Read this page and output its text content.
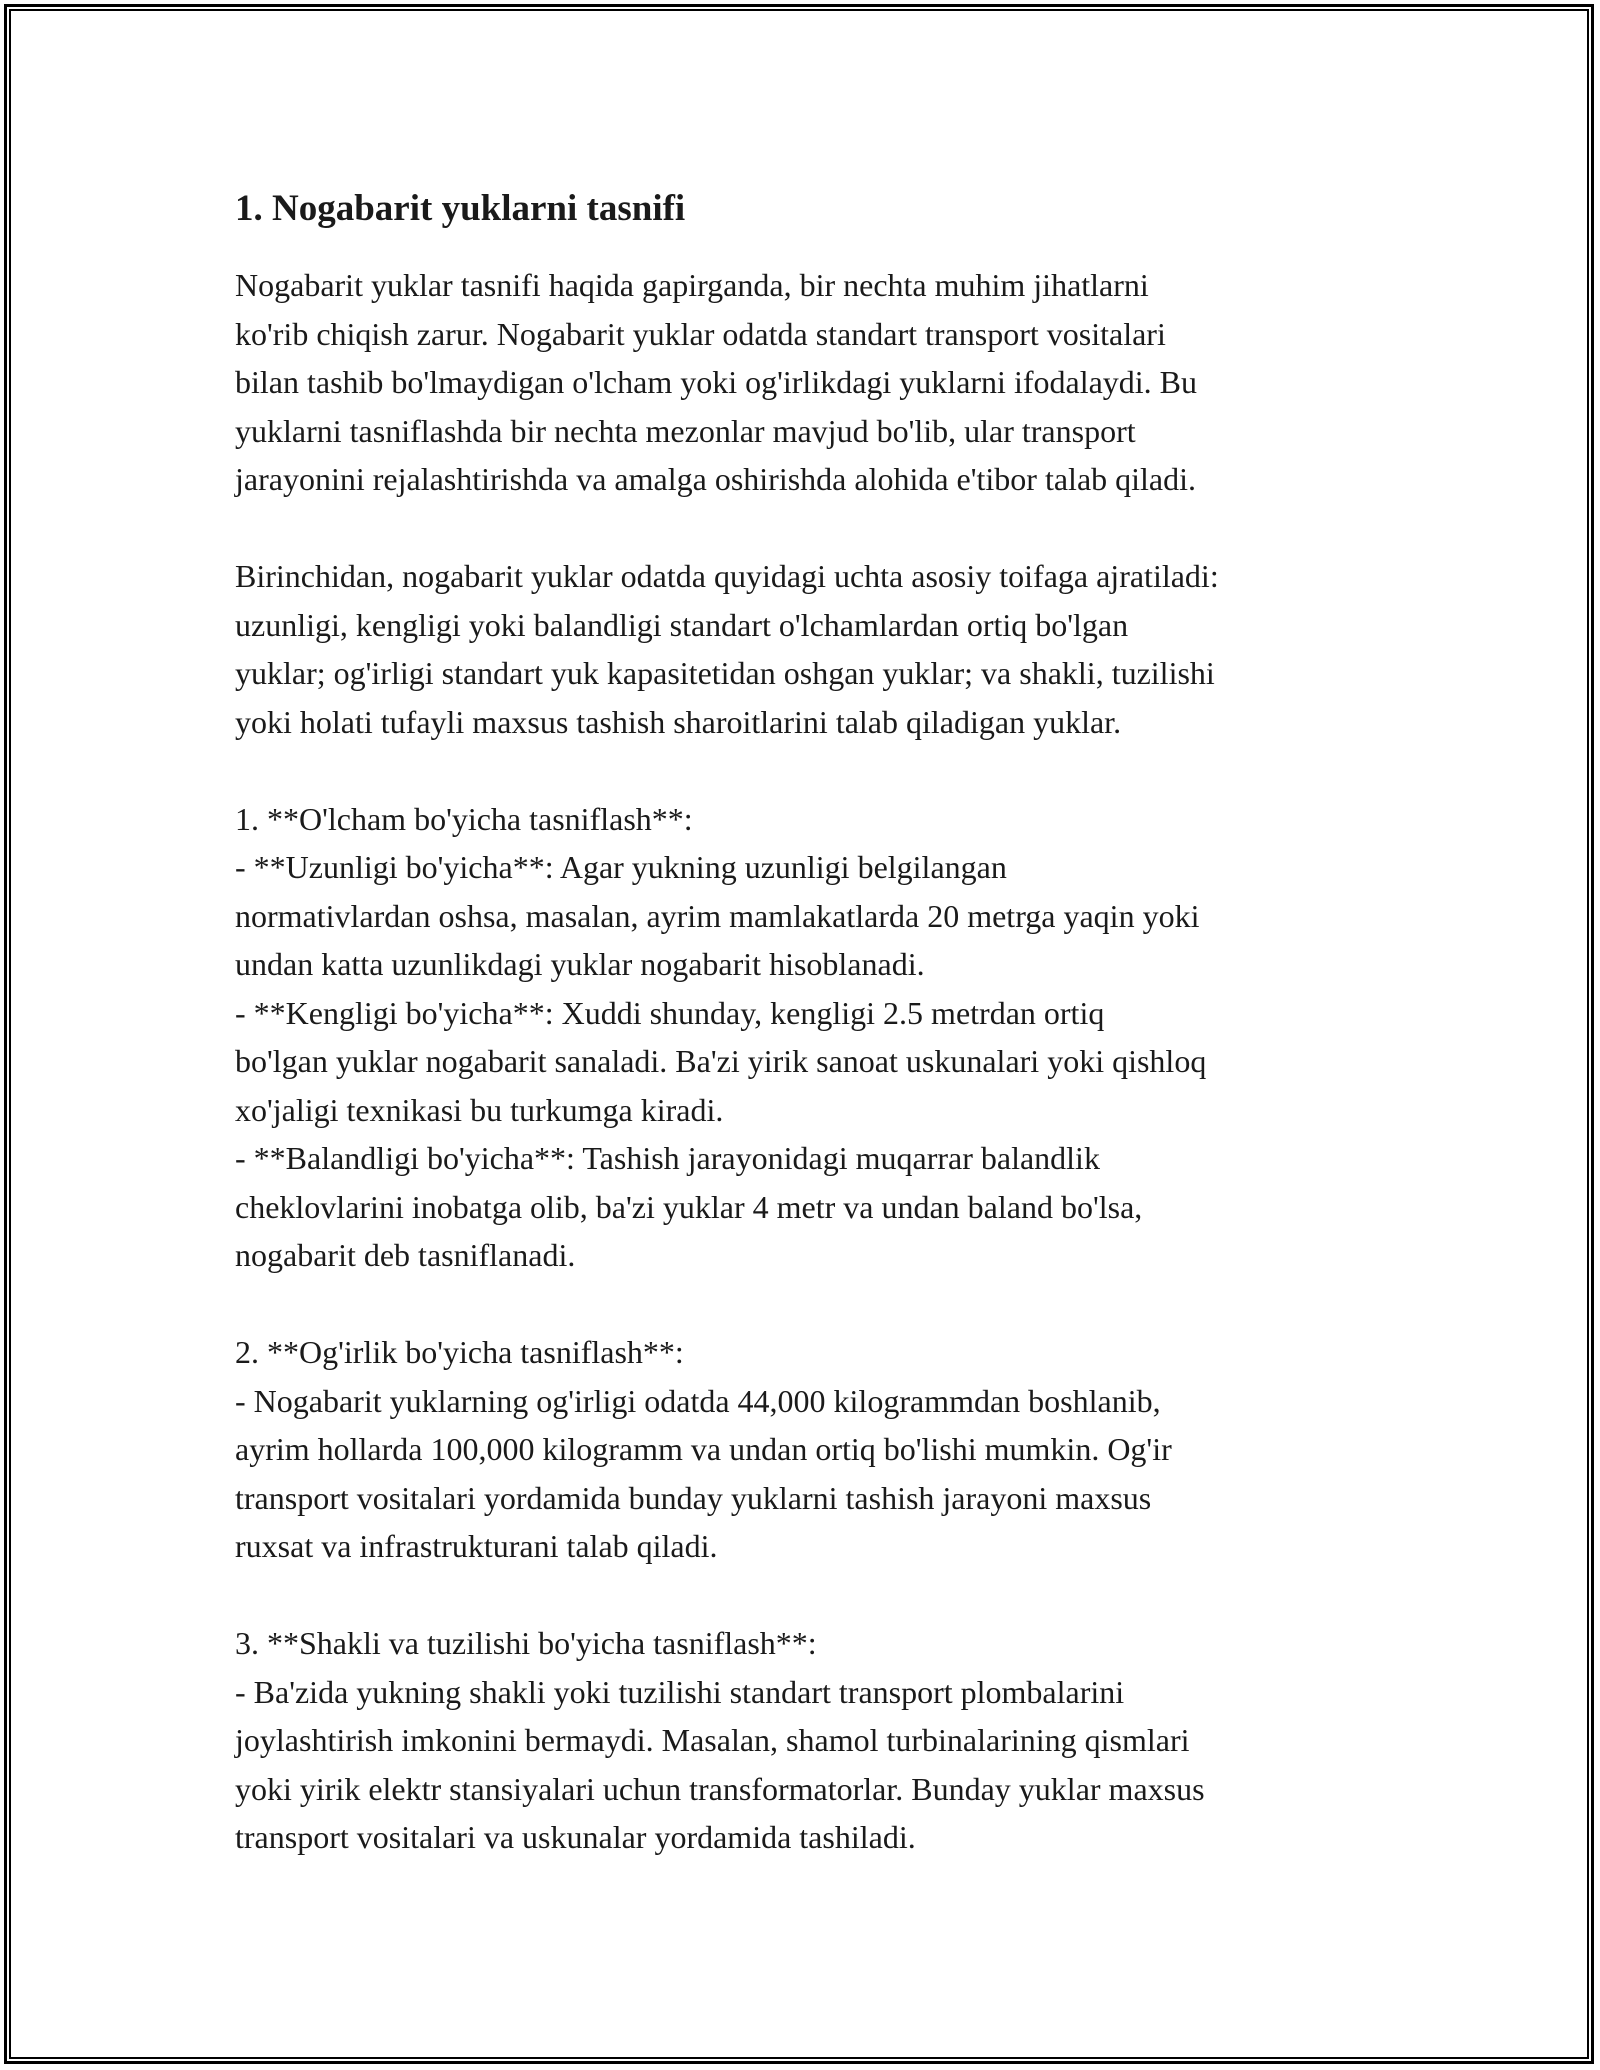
1. Nogabarit yuklarni tasnifi

Nogabarit yuklar tasnifi haqida gapirganda, bir nechta muhim jihatlarni
ko'rib chiqish zarur. Nogabarit yuklar odatda standart transport vositalari
bilan tashib bo'lmaydigan o'lcham yoki og'irlikdagi yuklarni ifodalaydi. Bu
yuklarni tasniflashda bir nechta mezonlar mavjud bo'lib, ular transport
jarayonini rejalashtirishda va amalga oshirishda alohida e'tibor talab qiladi.

Birinchidan, nogabarit yuklar odatda quyidagi uchta asosiy toifaga ajratiladi:
uzunligi, kengligi yoki balandligi standart o'lchamlardan ortiq bo'lgan
yuklar; og'irligi standart yuk kapasitetidan oshgan yuklar; va shakli, tuzilishi
yoki holati tufayli maxsus tashish sharoitlarini talab qiladigan yuklar.

1. **O'lcham bo'yicha tasniflash**:
- **Uzunligi bo'yicha**: Agar yukning uzunligi belgilangan
normativlardan oshsa, masalan, ayrim mamlakatlarda 20 metrga yaqin yoki
undan katta uzunlikdagi yuklar nogabarit hisoblanadi.
- **Kengligi bo'yicha**: Xuddi shunday, kengligi 2.5 metrdan ortiq
bo'lgan yuklar nogabarit sanaladi. Ba'zi yirik sanoat uskunalari yoki qishloq
xo'jaligi texnikasi bu turkumga kiradi.
- **Balandligi bo'yicha**: Tashish jarayonidagi muqarrar balandlik
cheklovlarini inobatga olib, ba'zi yuklar 4 metr va undan baland bo'lsa,
nogabarit deb tasniflanadi.

2. **Og'irlik bo'yicha tasniflash**:
- Nogabarit yuklarning og'irligi odatda 44,000 kilogrammdan boshlanib,
ayrim hollarda 100,000 kilogramm va undan ortiq bo'lishi mumkin. Og'ir
transport vositalari yordamida bunday yuklarni tashish jarayoni maxsus
ruxsat va infrastrukturani talab qiladi.

3. **Shakli va tuzilishi bo'yicha tasniflash**:
- Ba'zida yukning shakli yoki tuzilishi standart transport plombalarini
joylashtirish imkonini bermaydi. Masalan, shamol turbinalarining qismlari
yoki yirik elektr stansiyalari uchun transformatorlar. Bunday yuklar maxsus
transport vositalari va uskunalar yordamida tashiladi.
